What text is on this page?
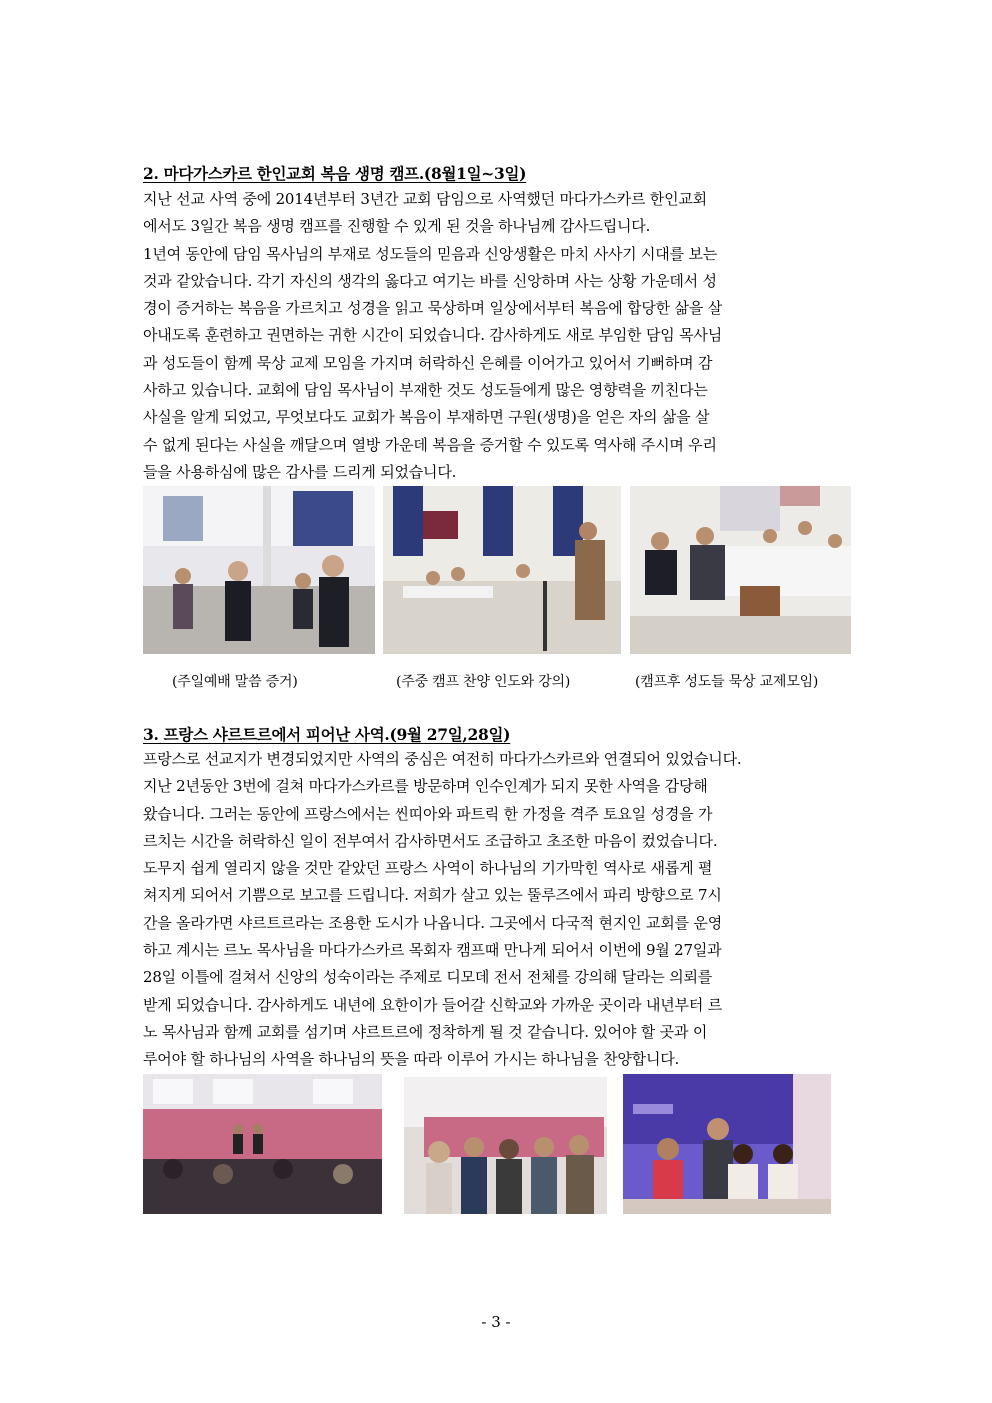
2. 마다가스카르 한인교회 복음 생명 캠프.(8월1일~3일)

지난 선교 사역 중에 2014년부터 3년간 교회 담임으로 사역했던 마다가스카르 한인교회

에서도 3일간 복음 생명 캠프를 진행할 수 있게 된 것을 하나님께 감사드립니다.

1년여 동안에 담임 목사님의 부재로 성도들의 믿음과 신앙생활은 마치 사사기 시대를 보는

것과 같았습니다. 각기 자신의 생각의 옳다고 여기는 바를 신앙하며 사는 상황 가운데서 성

경이 증거하는 복음을 가르치고 성경을 읽고 묵상하며 일상에서부터 복음에 합당한 삶을 살

아내도록 훈련하고 권면하는 귀한 시간이 되었습니다. 감사하게도 새로 부임한 담임 목사님

과 성도들이 함께 묵상 교제 모임을 가지며 허락하신 은혜를 이어가고 있어서 기뻐하며 감

사하고 있습니다. 교회에 담임 목사님이 부재한 것도 성도들에게 많은 영향력을 끼친다는

사실을 알게 되었고, 무엇보다도 교회가 복음이 부재하면 구원(생명)을 얻은 자의 삶을 살

수 없게 된다는 사실을 깨달으며 열방 가운데 복음을 증거할 수 있도록 역사해 주시며 우리

들을 사용하심에 많은 감사를 드리게 되었습니다.

(주일예배 말씀 증거)	(주중 캠프 찬양 인도와 강의)	(캠프후 성도들 묵상 교제모임)
3. 프랑스 샤르트르에서 피어난 사역.(9월 27일,28일)

프랑스로 선교지가 변경되었지만 사역의 중심은 여전히 마다가스카르와 연결되어 있었습니다.

지난 2년동안 3번에 걸쳐 마다가스카르를 방문하며 인수인계가 되지 못한 사역을 감당해

왔습니다. 그러는 동안에 프랑스에서는 씬띠아와 파트릭 한 가정을 격주 토요일 성경을 가

르치는 시간을 허락하신 일이 전부여서 감사하면서도 조급하고 초조한 마음이 컸었습니다.

도무지 쉽게 열리지 않을 것만 같았던 프랑스 사역이 하나님의 기가막힌 역사로 새롭게 펼

쳐지게 되어서 기쁨으로 보고를 드립니다. 저희가 살고 있는 뚤루즈에서 파리 방향으로 7시

간을 올라가면 샤르트르라는 조용한 도시가 나옵니다. 그곳에서 다국적 현지인 교회를 운영

하고 계시는 르노 목사님을 마다가스카르 목회자 캠프때 만나게 되어서 이번에 9월 27일과

28일 이틀에 걸쳐서 신앙의 성숙이라는 주제로 디모데 전서 전체를 강의해 달라는 의뢰를

받게 되었습니다. 감사하게도 내년에 요한이가 들어갈 신학교와 가까운 곳이라 내년부터 르

노 목사님과 함께 교회를 섬기며 샤르트르에 정착하게 될 것 같습니다. 있어야 할 곳과 이

루어야 할 하나님의 사역을 하나님의 뜻을 따라 이루어 가시는 하나님을 찬양합니다.

- 3 -
